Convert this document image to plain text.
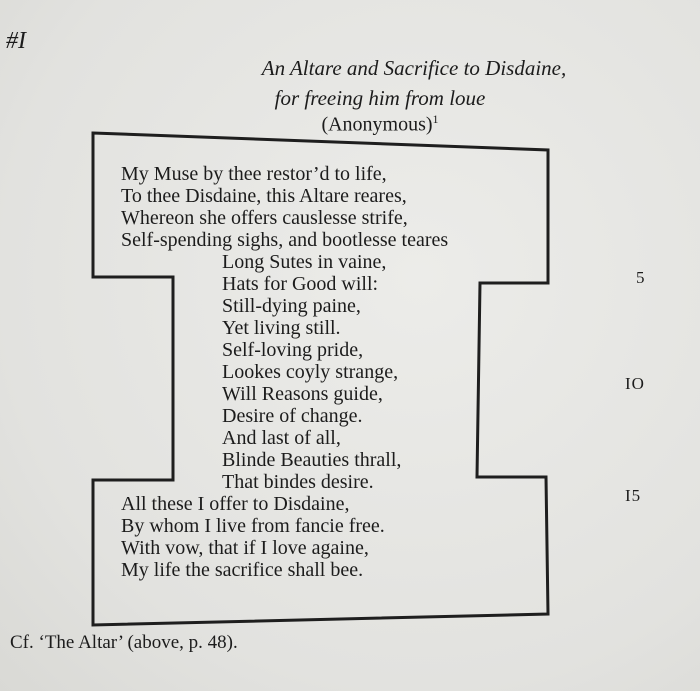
#I
An Altare and Sacrifice to Disdaine,
for freeing him from loue
(Anonymous)$^1$
My Muse by thee restor’d to life,
To thee Disdaine, this Altare reares,
Whereon she offers causlesse strife,
Self-spending sighs, and bootlesse teares
Long Sutes in vaine,
Hats for Good will:
Still-dying paine,
Yet living still.
Self-loving pride,
Lookes coyly strange,
Will Reasons guide,
Desire of change.
And last of all,
Blinde Beauties thrall,
That bindes desire.
All these I offer to Disdaine,
By whom I live from fancie free.
With vow, that if I love againe,
My life the sacrifice shall bee.
5
IO
I5
Cf. ‘The Altar’ (above, p. 48).
